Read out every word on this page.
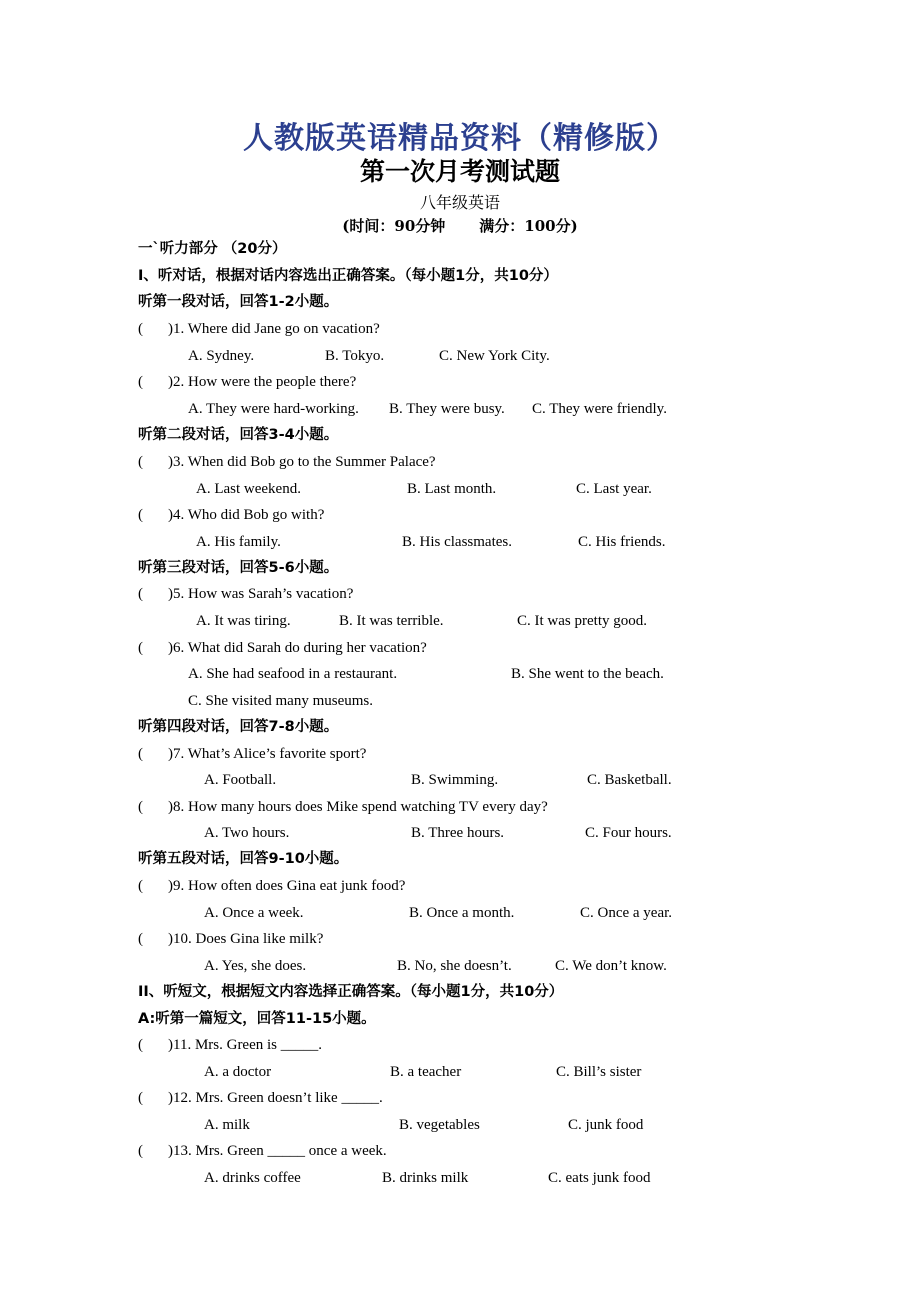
人教版英语精品资料（精修版）
第一次月考测试题
八年级英语
(时间：90分钟 满分：100分)
一`听力部分 （20分）
I、听对话，根据对话内容选出正确答案。（每小题1分，共10分）
听第一段对话，回答1-2小题。
( )1. Where did Jane go on vacation?
A. Sydney.	B. Tokyo.	C. New York City.
( )2. How were the people there?
A. They were hard-working. B. They were busy. C. They were friendly.
听第二段对话，回答3-4小题。
( )3. When did Bob go to the Summer Palace?
A. Last weekend.	B. Last month.	C. Last year.
( )4. Who did Bob go with?
A. His family.	B. His classmates.	C. His friends.
听第三段对话，回答5-6小题。
( )5. How was Sarah’s vacation?
A. It was tiring.	B. It was terrible.	C. It was pretty good.
( )6. What did Sarah do during her vacation?
A. She had seafood in a restaurant.	B. She went to the beach.
C. She visited many museums.
听第四段对话，回答7-8小题。
( )7. What’s Alice’s favorite sport?
A. Football.	B. Swimming.	C. Basketball.
( )8. How many hours does Mike spend watching TV every day?
A. Two hours.	B. Three hours.	C. Four hours.
听第五段对话，回答9-10小题。
( )9. How often does Gina eat junk food?
A. Once a week.	B. Once a month.	C. Once a year.
( )10. Does Gina like milk?
A. Yes, she does.	B. No, she doesn’t.	C. We don’t know.
II、听短文，根据短文内容选择正确答案。（每小题1分，共10分）
A:听第一篇短文，回答11-15小题。
( )11. Mrs. Green is _____.
A. a doctor	B. a teacher	C. Bill’s sister
( )12. Mrs. Green doesn’t like _____.
A. milk	B. vegetables	C. junk food
( )13. Mrs. Green _____ once a week.
A. drinks coffee	B. drinks milk	C. eats junk food
